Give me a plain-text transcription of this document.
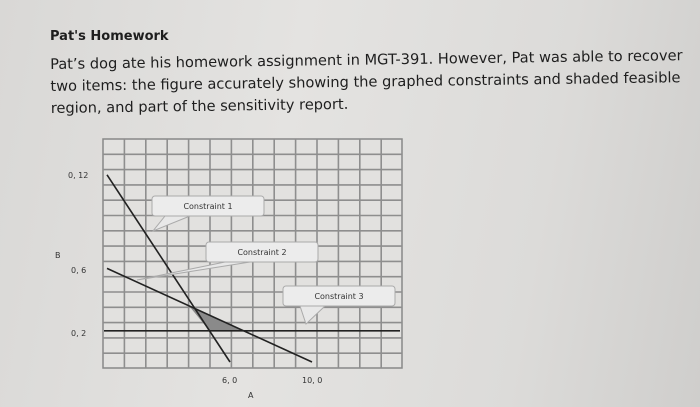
Pat's Homework
Pat’s dog ate his homework assignment in MGT-391. However, Pat was able to recover two items: the figure accurately showing the graphed constraints and shaded feasible region, and part of the sensitivity report.
Constraint 1
Constraint 2
Constraint 3
0, 12
0, 6
0, 2
B
6, 0	10, 0
A
